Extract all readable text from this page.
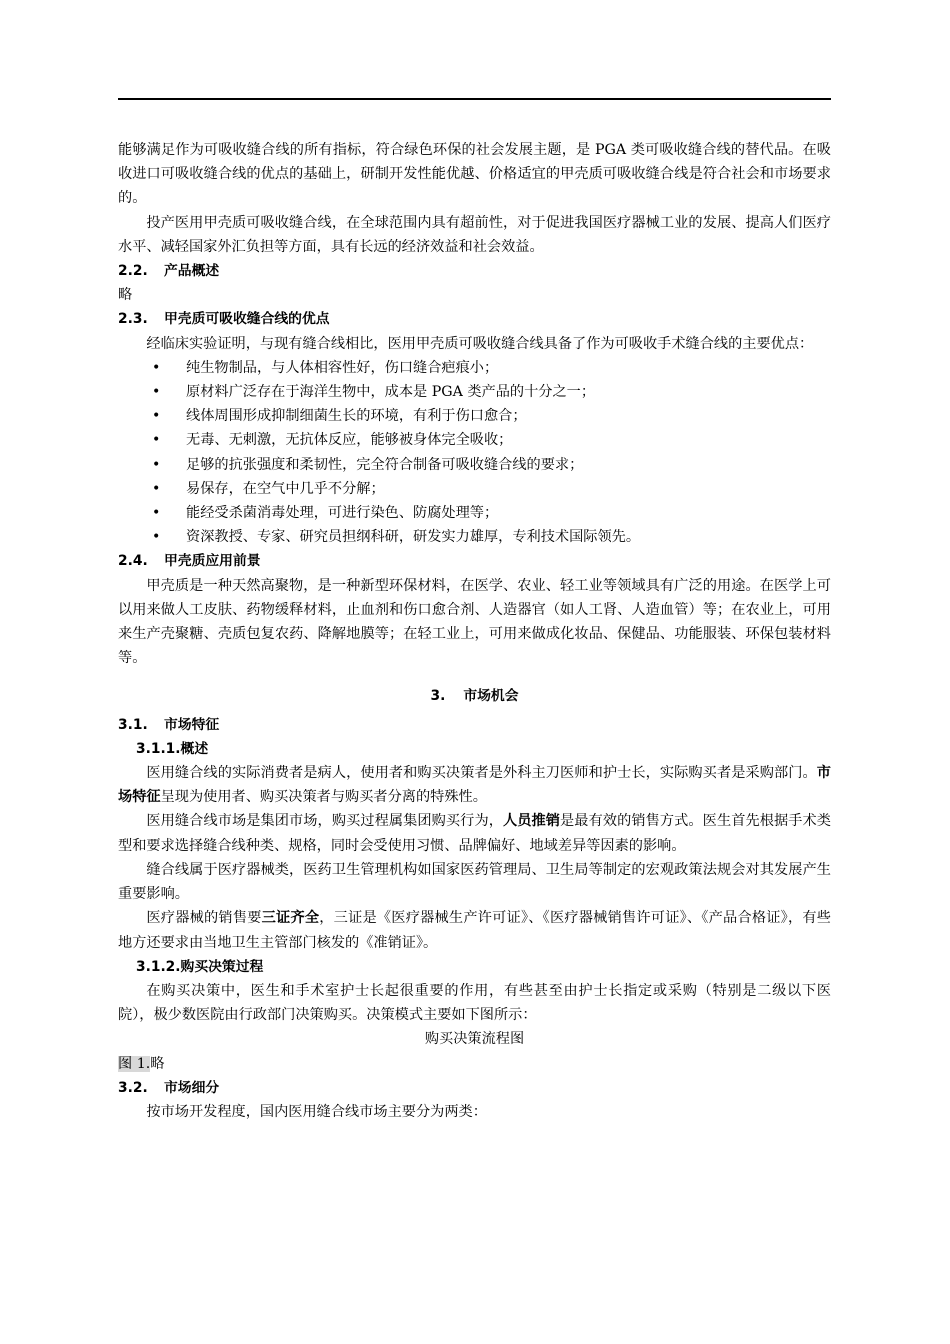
能够满足作为可吸收缝合线的所有指标，符合绿色环保的社会发展主题，是 PGA 类可吸收缝合线的替代品。在吸收进口可吸收缝合线的优点的基础上，研制开发性能优越、价格适宜的甲壳质可吸收缝合线是符合社会和市场要求的。

投产医用甲壳质可吸收缝合线，在全球范围内具有超前性，对于促进我国医疗器械工业的发展、提高人们医疗水平、减轻国家外汇负担等方面，具有长远的经济效益和社会效益。

2.2. 产品概述

略

2.3. 甲壳质可吸收缝合线的优点

经临床实验证明，与现有缝合线相比，医用甲壳质可吸收缝合线具备了作为可吸收手术缝合线的主要优点：

• 纯生物制品，与人体相容性好，伤口缝合疤痕小；
• 原材料广泛存在于海洋生物中，成本是 PGA 类产品的十分之一；
• 线体周围形成抑制细菌生长的环境，有利于伤口愈合；
• 无毒、无刺激，无抗体反应，能够被身体完全吸收；
• 足够的抗张强度和柔韧性，完全符合制备可吸收缝合线的要求；
• 易保存，在空气中几乎不分解；
• 能经受杀菌消毒处理，可进行染色、防腐处理等；
• 资深教授、专家、研究员担纲科研，研发实力雄厚，专利技术国际领先。
2.4. 甲壳质应用前景

甲壳质是一种天然高聚物，是一种新型环保材料，在医学、农业、轻工业等领域具有广泛的用途。在医学上可以用来做人工皮肤、药物缓释材料，止血剂和伤口愈合剂、人造器官（如人工肾、人造血管）等；在农业上，可用来生产壳聚糖、壳质包复农药、降解地膜等；在轻工业上，可用来做成化妆品、保健品、功能服装、环保包装材料等。

3. 市场机会
3.1. 市场特征
3.1.1.概述

医用缝合线的实际消费者是病人，使用者和购买决策者是外科主刀医师和护士长，实际购买者是采购部门。市场特征呈现为使用者、购买决策者与购买者分离的特殊性。

医用缝合线市场是集团市场，购买过程属集团购买行为，人员推销是最有效的销售方式。医生首先根据手术类型和要求选择缝合线种类、规格，同时会受使用习惯、品牌偏好、地域差异等因素的影响。

缝合线属于医疗器械类，医药卫生管理机构如国家医药管理局、卫生局等制定的宏观政策法规会对其发展产生重要影响。

医疗器械的销售要三证齐全，三证是《医疗器械生产许可证》、《医疗器械销售许可证》、《产品合格证》，有些地方还要求由当地卫生主管部门核发的《准销证》。

3.1.2.购买决策过程

在购买决策中，医生和手术室护士长起很重要的作用，有些甚至由护士长指定或采购（特别是二级以下医院），极少数医院由行政部门决策购买。决策模式主要如下图所示：

购买决策流程图

图 1.略

3.2. 市场细分

按市场开发程度，国内医用缝合线市场主要分为两类：
